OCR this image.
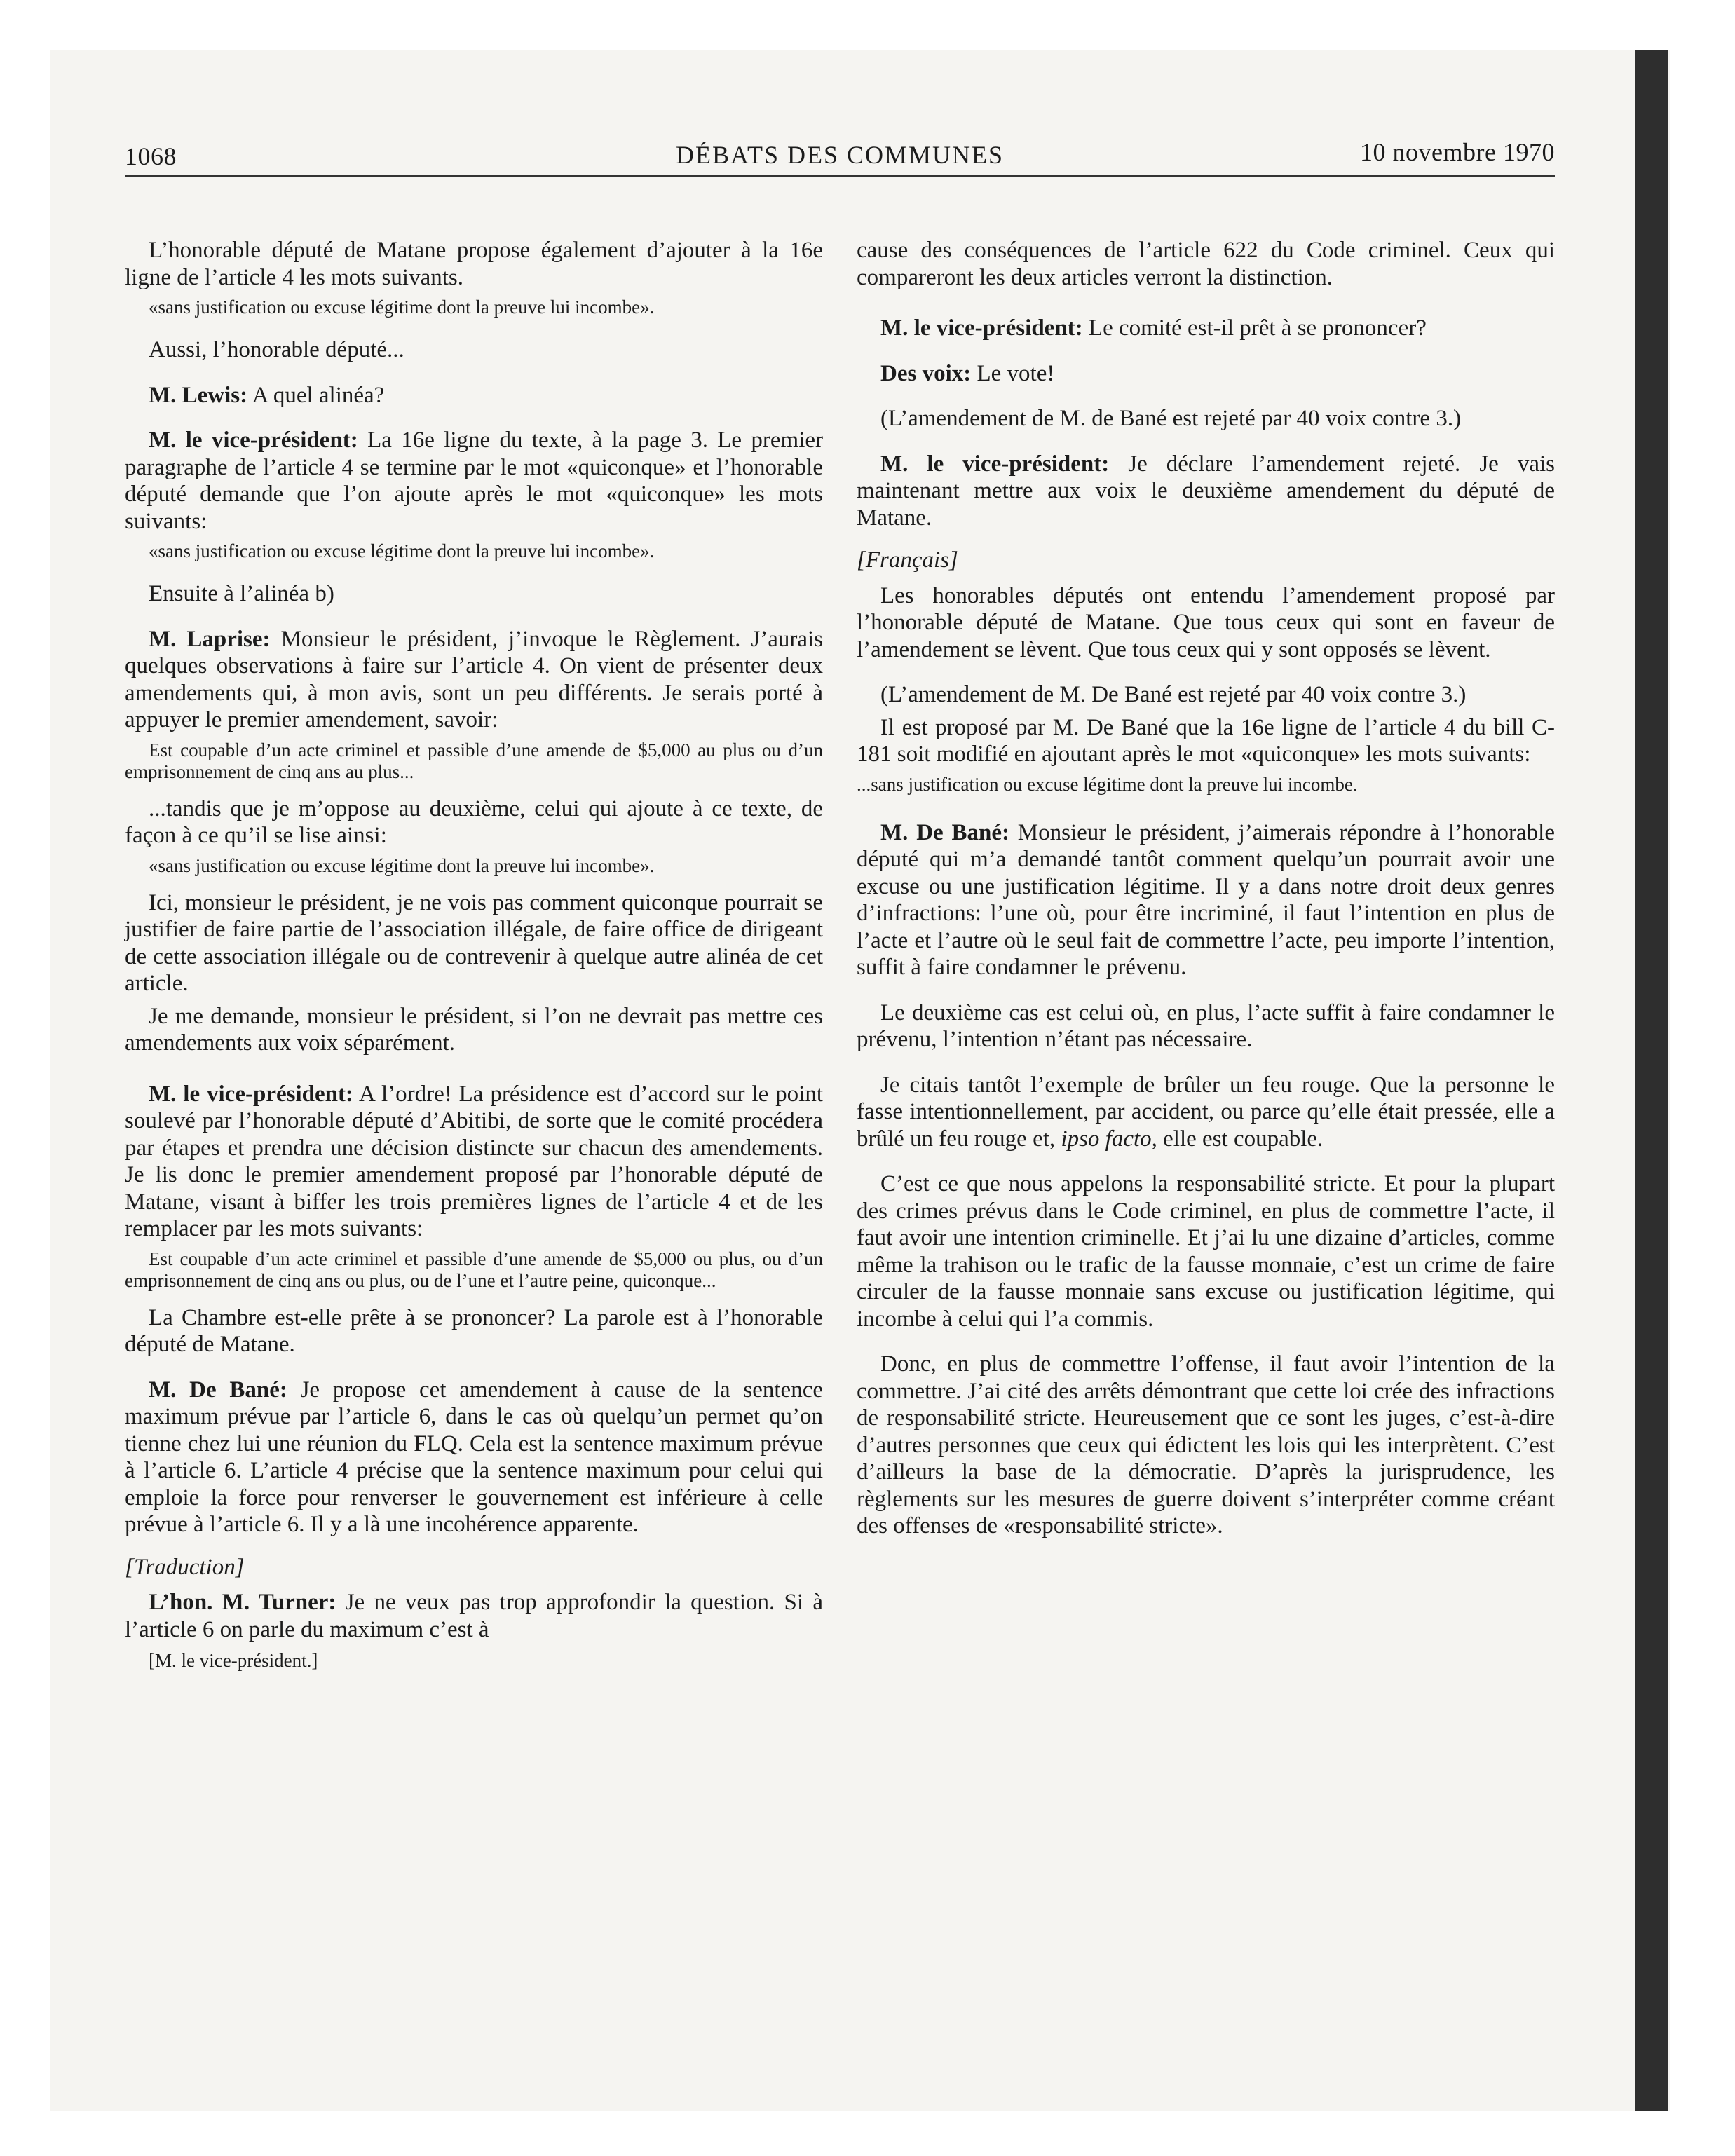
1068	DÉBATS DES COMMUNES	10 novembre 1970

L’honorable député de Matane propose également d’ajouter à la 16e ligne de l’article 4 les mots suivants.

«sans justification ou excuse légitime dont la preuve lui incombe».

Aussi, l’honorable député...

M. Lewis: A quel alinéa?

M. le vice-président: La 16e ligne du texte, à la page 3. Le premier paragraphe de l’article 4 se termine par le mot «quiconque» et l’honorable député demande que l’on ajoute après le mot «quiconque» les mots suivants:

«sans justification ou excuse légitime dont la preuve lui incombe».

Ensuite à l’alinéa b)

M. Laprise: Monsieur le président, j’invoque le Règlement. J’aurais quelques observations à faire sur l’article 4. On vient de présenter deux amendements qui, à mon avis, sont un peu différents. Je serais porté à appuyer le premier amendement, savoir:

Est coupable d’un acte criminel et passible d’une amende de $5,000 au plus ou d’un emprisonnement de cinq ans au plus...

...tandis que je m’oppose au deuxième, celui qui ajoute à ce texte, de façon à ce qu’il se lise ainsi:

«sans justification ou excuse légitime dont la preuve lui incombe».

Ici, monsieur le président, je ne vois pas comment quiconque pourrait se justifier de faire partie de l’association illégale, de faire office de dirigeant de cette association illégale ou de contrevenir à quelque autre alinéa de cet article.

Je me demande, monsieur le président, si l’on ne devrait pas mettre ces amendements aux voix séparément.

M. le vice-président: A l’ordre! La présidence est d’accord sur le point soulevé par l’honorable député d’Abitibi, de sorte que le comité procédera par étapes et prendra une décision distincte sur chacun des amendements. Je lis donc le premier amendement proposé par l’honorable député de Matane, visant à biffer les trois premières lignes de l’article 4 et de les remplacer par les mots suivants:

Est coupable d’un acte criminel et passible d’une amende de $5,000 ou plus, ou d’un emprisonnement de cinq ans ou plus, ou de l’une et l’autre peine, quiconque...

La Chambre est-elle prête à se prononcer? La parole est à l’honorable député de Matane.

M. De Bané: Je propose cet amendement à cause de la sentence maximum prévue par l’article 6, dans le cas où quelqu’un permet qu’on tienne chez lui une réunion du FLQ. Cela est la sentence maximum prévue à l’article 6. L’article 4 précise que la sentence maximum pour celui qui emploie la force pour renverser le gouvernement est inférieure à celle prévue à l’article 6. Il y a là une incohérence apparente.

[Traduction]

L’hon. M. Turner: Je ne veux pas trop approfondir la question. Si à l’article 6 on parle du maximum c’est à

[M. le vice-président.]

cause des conséquences de l’article 622 du Code criminel. Ceux qui compareront les deux articles verront la distinction.

M. le vice-président: Le comité est-il prêt à se prononcer?

Des voix: Le vote!

(L’amendement de M. de Bané est rejeté par 40 voix contre 3.)

M. le vice-président: Je déclare l’amendement rejeté. Je vais maintenant mettre aux voix le deuxième amendement du député de Matane.

[Français]

Les honorables députés ont entendu l’amendement proposé par l’honorable député de Matane. Que tous ceux qui sont en faveur de l’amendement se lèvent. Que tous ceux qui y sont opposés se lèvent.

(L’amendement de M. De Bané est rejeté par 40 voix contre 3.)

Il est proposé par M. De Bané que la 16e ligne de l’article 4 du bill C-181 soit modifié en ajoutant après le mot «quiconque» les mots suivants:

...sans justification ou excuse légitime dont la preuve lui incombe.

M. De Bané: Monsieur le président, j’aimerais répondre à l’honorable député qui m’a demandé tantôt comment quelqu’un pourrait avoir une excuse ou une justification légitime. Il y a dans notre droit deux genres d’infractions: l’une où, pour être incriminé, il faut l’intention en plus de l’acte et l’autre où le seul fait de commettre l’acte, peu importe l’intention, suffit à faire condamner le prévenu.

Le deuxième cas est celui où, en plus, l’acte suffit à faire condamner le prévenu, l’intention n’étant pas nécessaire.

Je citais tantôt l’exemple de brûler un feu rouge. Que la personne le fasse intentionnellement, par accident, ou parce qu’elle était pressée, elle a brûlé un feu rouge et, ipso facto, elle est coupable.

C’est ce que nous appelons la responsabilité stricte. Et pour la plupart des crimes prévus dans le Code criminel, en plus de commettre l’acte, il faut avoir une intention criminelle. Et j’ai lu une dizaine d’articles, comme même la trahison ou le trafic de la fausse monnaie, c’est un crime de faire circuler de la fausse monnaie sans excuse ou justification légitime, qui incombe à celui qui l’a commis.

Donc, en plus de commettre l’offense, il faut avoir l’intention de la commettre. J’ai cité des arrêts démontrant que cette loi crée des infractions de responsabilité stricte. Heureusement que ce sont les juges, c’est-à-dire d’autres personnes que ceux qui édictent les lois qui les interprètent. C’est d’ailleurs la base de la démocratie. D’après la jurisprudence, les règlements sur les mesures de guerre doivent s’interpréter comme créant des offenses de «responsabilité stricte».
